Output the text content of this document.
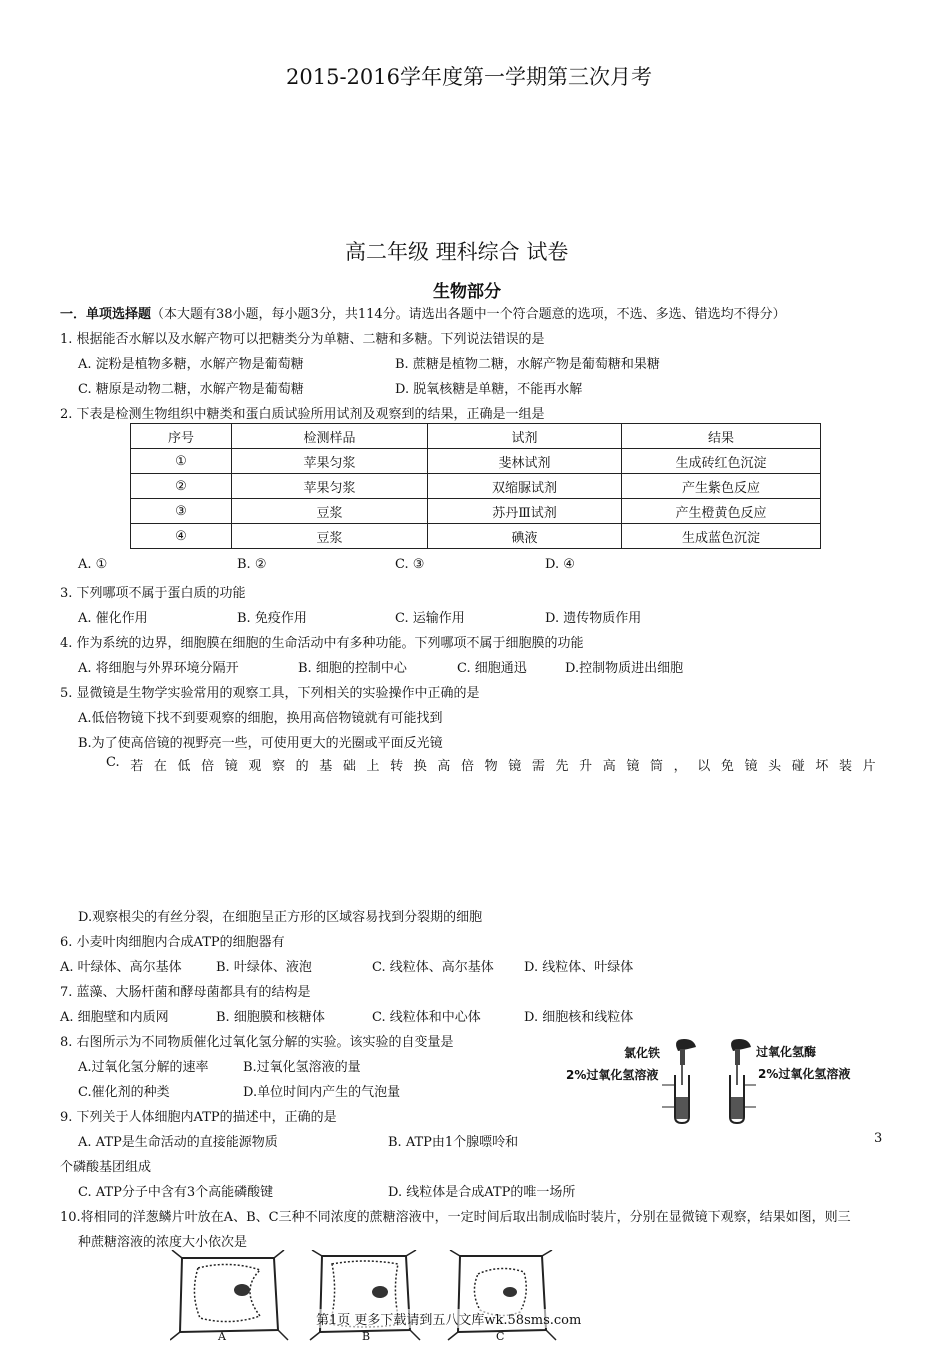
2015-2016学年度第一学期第三次月考
高二年级 理科综合 试卷
生物部分
一．单项选择题（本大题有38小题，每小题3分，共114分。请选出各题中一个符合题意的选项，不选、多选、错选均不得分）
1. 根据能否水解以及水解产物可以把糖类分为单糖、二糖和多糖。下列说法错误的是
A. 淀粉是植物多糖，水解产物是葡萄糖	B. 蔗糖是植物二糖，水解产物是葡萄糖和果糖
C. 糖原是动物二糖，水解产物是葡萄糖	D. 脱氧核糖是单糖，不能再水解
2. 下表是检测生物组织中糖类和蛋白质试验所用试剂及观察到的结果，正确是一组是
序号	检测样品	试剂	结果
①	苹果匀浆	斐林试剂	生成砖红色沉淀
②	苹果匀浆	双缩脲试剂	产生紫色反应
③	豆浆	苏丹Ⅲ试剂	产生橙黄色反应
④	豆浆	碘液	生成蓝色沉淀
A. ①	B. ②	C. ③	D. ④
3. 下列哪项不属于蛋白质的功能
A. 催化作用	B. 免疫作用	C. 运输作用	D. 遗传物质作用
4. 作为系统的边界，细胞膜在细胞的生命活动中有多种功能。下列哪项不属于细胞膜的功能
A. 将细胞与外界环境分隔开	B. 细胞的控制中心	C. 细胞通迅	D.控制物质进出细胞
5. 显微镜是生物学实验常用的观察工具，下列相关的实验操作中正确的是
A.低倍物镜下找不到要观察的细胞，换用高倍物镜就有可能找到
B.为了使高倍镜的视野亮一些，可使用更大的光圈或平面反光镜
C. 若 在 低 倍 镜 观 察 的 基 础 上 转 换 高 倍 物 镜 需 先 升 高 镜 筒 ， 以 免 镜 头 碰 坏 装 片
D.观察根尖的有丝分裂，在细胞呈正方形的区域容易找到分裂期的细胞
6. 小麦叶肉细胞内合成ATP的细胞器有
A. 叶绿体、高尔基体	B. 叶绿体、液泡	C. 线粒体、高尔基体 D. 线粒体、叶绿体
7. 蓝藻、大肠杆菌和酵母菌都具有的结构是
A. 细胞壁和内质网	B. 细胞膜和核糖体	C. 线粒体和中心体	D. 细胞核和线粒体
8. 右图所示为不同物质催化过氧化氢分解的实验。该实验的自变量是
A.过氧化氢分解的速率	B.过氧化氢溶液的量
C.催化剂的种类	D.单位时间内产生的气泡量
氯化铁
2%过氧化氢溶液
过氧化氢酶
2%过氧化氢溶液
9. 下列关于人体细胞内ATP的描述中，正确的是
A. ATP是生命活动的直接能源物质	B. ATP由1个腺嘌呤和	3
个磷酸基团组成
C. ATP分子中含有3个高能磷酸键	D. 线粒体是合成ATP的唯一场所
10.将相同的洋葱鳞片叶放在A、B、C三种不同浓度的蔗糖溶液中，一定时间后取出制成临时装片，分别在显微镜下观察，结果如图，则三
种蔗糖溶液的浓度大小依次是
A	B	C
第1页 更多下载请到五八文库wk.58sms.com
